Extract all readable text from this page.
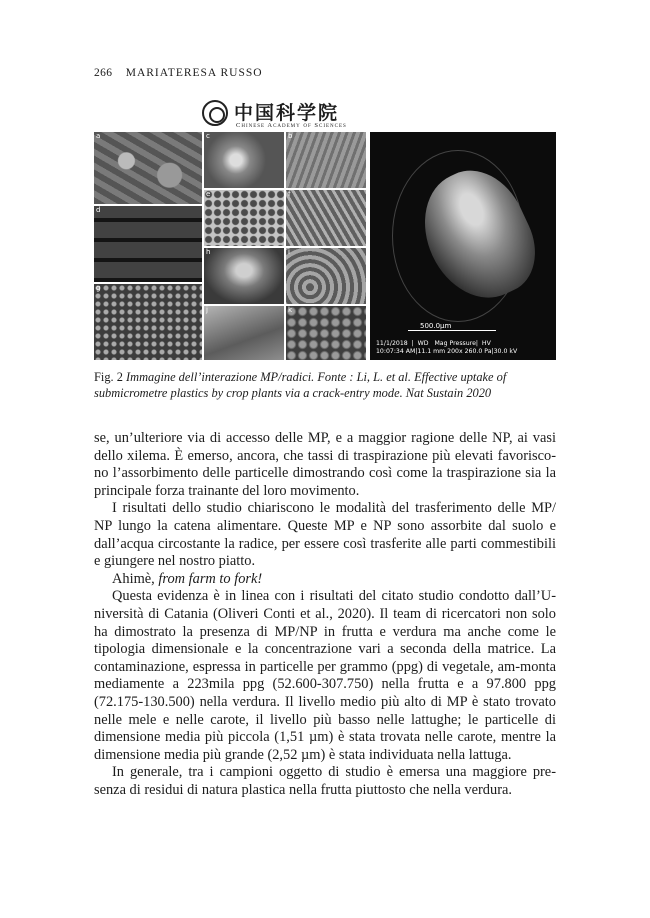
266 MARIATERESA RUSSO
中国科学院
Chinese Academy of Sciences
a
d
g
c	b
e	f
h	i
j	k
500.0µm
11/1/2018  |  WD   Mag Pressure|  HV
10:07:34 AM|11.1 mm 200x 260.0 Pa|30.0 kV
Fig. 2 Immagine dell’interazione MP/radici. Fonte : Li, L. et al. Effective uptake of submicrometre plastics by crop plants via a crack-entry mode. Nat Sustain 2020

se, un’ulteriore via di accesso delle MP, e a maggior ragione delle NP, ai vasi dello xilema. È emerso, ancora, che tassi di traspirazione più elevati favorisco-no l’assorbimento delle particelle dimostrando così come la traspirazione sia la principale forza trainante del loro movimento.

I risultati dello studio chiariscono le modalità del trasferimento delle MP/ NP lungo la catena alimentare. Queste MP e NP sono assorbite dal suolo e dall’acqua circostante la radice, per essere così trasferite alle parti commestibili e giungere nel nostro piatto.

Ahimè, from farm to fork!

Questa evidenza è in linea con i risultati del citato studio condotto dall’U-niversità di Catania (Oliveri Conti et al., 2020). Il team di ricercatori non solo ha dimostrato la presenza di MP/NP in frutta e verdura ma anche come le tipologia dimensionale e la concentrazione vari a seconda della matrice. La contaminazione, espressa in particelle per grammo (ppg) di vegetale, am-monta mediamente a 223mila ppg (52.600-307.750) nella frutta e a 97.800 ppg (72.175-130.500) nella verdura. Il livello medio più alto di MP è stato trovato nelle mele e nelle carote, il livello più basso nelle lattughe; le particelle di dimensione media più piccola (1,51 µm) è stata trovata nelle carote, mentre la dimensione media più grande (2,52 µm) è stata individuata nella lattuga.

In generale, tra i campioni oggetto di studio è emersa una maggiore pre-senza di residui di natura plastica nella frutta piuttosto che nella verdura.
